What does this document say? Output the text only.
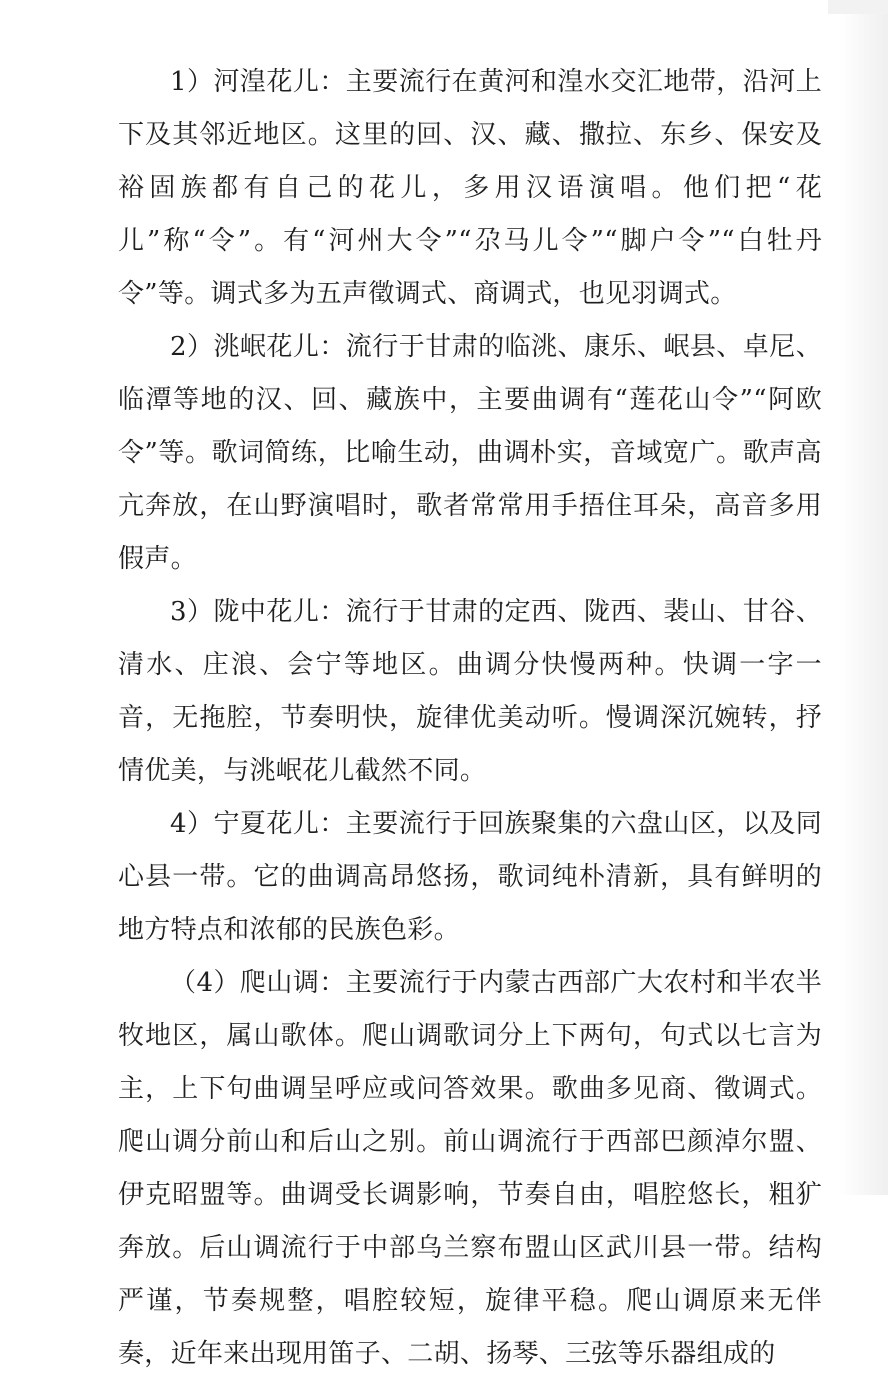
1）河湟花儿：主要流行在黄河和湟水交汇地带，沿河上下及其邻近地区。这里的回、汉、藏、撒拉、东乡、保安及裕固族都有自己的花儿，多用汉语演唱。他们把“花儿”称“令”。有“河州大令”“尕马儿令”“脚户令”“白牡丹令”等。调式多为五声徵调式、商调式，也见羽调式。

2）洮岷花儿：流行于甘肃的临洮、康乐、岷县、卓尼、临潭等地的汉、回、藏族中，主要曲调有“莲花山令”“阿欧令”等。歌词简练，比喻生动，曲调朴实，音域宽广。歌声高亢奔放，在山野演唱时，歌者常常用手捂住耳朵，高音多用假声。

3）陇中花儿：流行于甘肃的定西、陇西、裴山、甘谷、清水、庄浪、会宁等地区。曲调分快慢两种。快调一字一音，无拖腔，节奏明快，旋律优美动听。慢调深沉婉转，抒情优美，与洮岷花儿截然不同。

4）宁夏花儿：主要流行于回族聚集的六盘山区，以及同心县一带。它的曲调高昂悠扬，歌词纯朴清新，具有鲜明的地方特点和浓郁的民族色彩。

（4）爬山调：主要流行于内蒙古西部广大农村和半农半牧地区，属山歌体。爬山调歌词分上下两句，句式以七言为主，上下句曲调呈呼应或问答效果。歌曲多见商、徵调式。爬山调分前山和后山之别。前山调流行于西部巴颜淖尔盟、伊克昭盟等。曲调受长调影响，节奏自由，唱腔悠长，粗犷奔放。后山调流行于中部乌兰察布盟山区武川县一带。结构严谨，节奏规整，唱腔较短，旋律平稳。爬山调原来无伴奏，近年来出现用笛子、二胡、扬琴、三弦等乐器组成的
